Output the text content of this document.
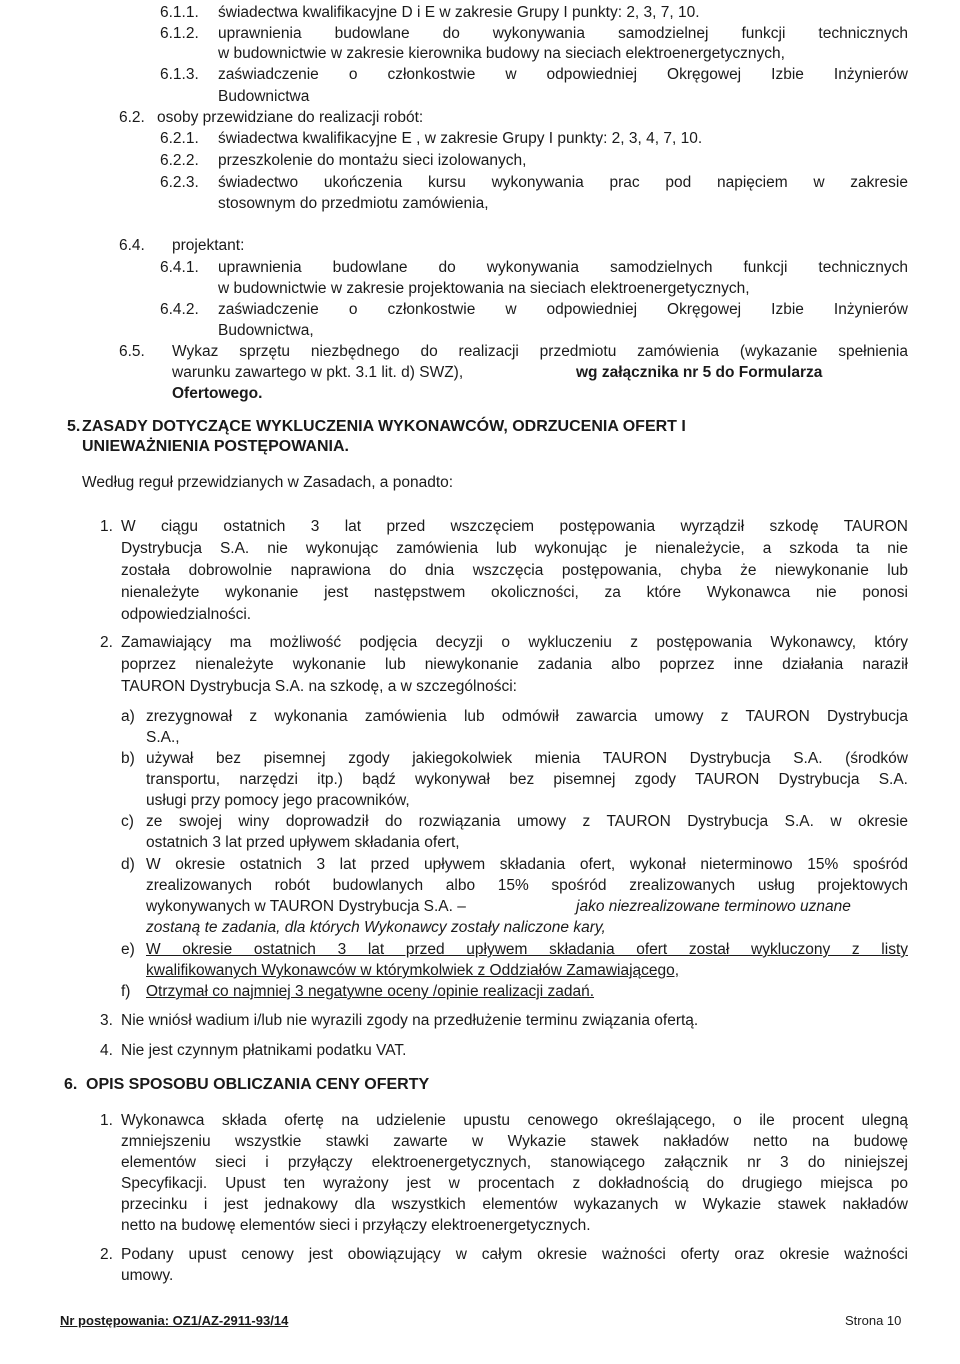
6.1.1. świadectwa kwalifikacyjne D i E w zakresie Grupy I punkty: 2, 3, 7, 10.
6.1.2. uprawnienia budowlane do wykonywania samodzielnej funkcji technicznych
w budownictwie w zakresie kierownika budowy na sieciach elektroenergetycznych,
6.1.3. zaświadczenie o członkostwie w odpowiedniej Okręgowej Izbie Inżynierów
Budownictwa
6.2. osoby przewidziane do realizacji robót:
6.2.1. świadectwa kwalifikacyjne E , w zakresie Grupy I punkty: 2, 3, 4, 7, 10.
6.2.2. przeszkolenie do montażu sieci izolowanych,
6.2.3. świadectwo ukończenia kursu wykonywania prac pod napięciem w zakresie
stosownym do przedmiotu zamówienia,
6.4. projektant:
6.4.1. uprawnienia budowlane do wykonywania samodzielnych funkcji technicznych
w budownictwie w zakresie projektowania na sieciach elektroenergetycznych,
6.4.2. zaświadczenie o członkostwie w odpowiedniej Okręgowej Izbie Inżynierów
Budownictwa,
6.5. Wykaz sprzętu niezbędnego do realizacji przedmiotu zamówienia (wykazanie spełnienia
warunku zawartego w pkt. 3.1 lit. d) SWZ),	wg załącznika nr 5 do Formularza
Ofertowego.
5. ZASADY DOTYCZĄCE WYKLUCZENIA WYKONAWCÓW, ODRZUCENIA OFERT I
UNIEWAŻNIENIA POSTĘPOWANIA.
Według reguł przewidzianych w Zasadach, a ponadto:
1. W ciągu ostatnich 3 lat przed wszczęciem postępowania wyrządził szkodę TAURON
Dystrybucja S.A. nie wykonując zamówienia lub wykonując je nienależycie, a szkoda ta nie
została dobrowolnie naprawiona do dnia wszczęcia postępowania, chyba że niewykonanie lub
nienależyte wykonanie jest następstwem okoliczności, za które Wykonawca nie ponosi
odpowiedzialności.
2. Zamawiający ma możliwość podjęcia decyzji o wykluczeniu z postępowania Wykonawcy, który
poprzez nienależyte wykonanie lub niewykonanie zadania albo poprzez inne działania naraził
TAURON Dystrybucja S.A. na szkodę, a w szczególności:
a) zrezygnował z wykonania zamówienia lub odmówił zawarcia umowy z TAURON Dystrybucja
S.A.,
b) używał bez pisemnej zgody jakiegokolwiek mienia TAURON Dystrybucja S.A. (środków
transportu, narzędzi itp.) bądź wykonywał bez pisemnej zgody TAURON Dystrybucja S.A.
usługi przy pomocy jego pracowników,
c) ze swojej winy doprowadził do rozwiązania umowy z TAURON Dystrybucja S.A. w okresie
ostatnich 3 lat przed upływem składania ofert,
d) W okresie ostatnich 3 lat przed upływem składania ofert, wykonał nieterminowo 15% spośród
zrealizowanych robót budowlanych albo 15% spośród zrealizowanych usług projektowych
wykonywanych w TAURON Dystrybucja S.A. –	jako niezrealizowane terminowo uznane
zostaną te zadania, dla których Wykonawcy zostały naliczone kary,
e) W okresie ostatnich 3 lat przed upływem składania ofert został wykluczony z listy
kwalifikowanych Wykonawców w którymkolwiek z Oddziałów Zamawiającego,
f) Otrzymał co najmniej 3 negatywne oceny /opinie realizacji zadań.
3. Nie wniósł wadium i/lub nie wyrazili zgody na przedłużenie terminu związania ofertą.
4. Nie jest czynnym płatnikami podatku VAT.
6. OPIS SPOSOBU OBLICZANIA CENY OFERTY
1. Wykonawca składa ofertę na udzielenie upustu cenowego określającego, o ile procent ulegną
zmniejszeniu wszystkie stawki zawarte w Wykazie stawek nakładów netto na budowę
elementów sieci i przyłączy elektroenergetycznych, stanowiącego załącznik nr 3 do niniejszej
Specyfikacji. Upust ten wyrażony jest w procentach z dokładnością do drugiego miejsca po
przecinku i jest jednakowy dla wszystkich elementów wykazanych w Wykazie stawek nakładów
netto na budowę elementów sieci i przyłączy elektroenergetycznych.
2. Podany upust cenowy jest obowiązujący w całym okresie ważności oferty oraz okresie ważności
umowy.
Nr postępowania: OZ1/AZ-2911-93/14	Strona 10
